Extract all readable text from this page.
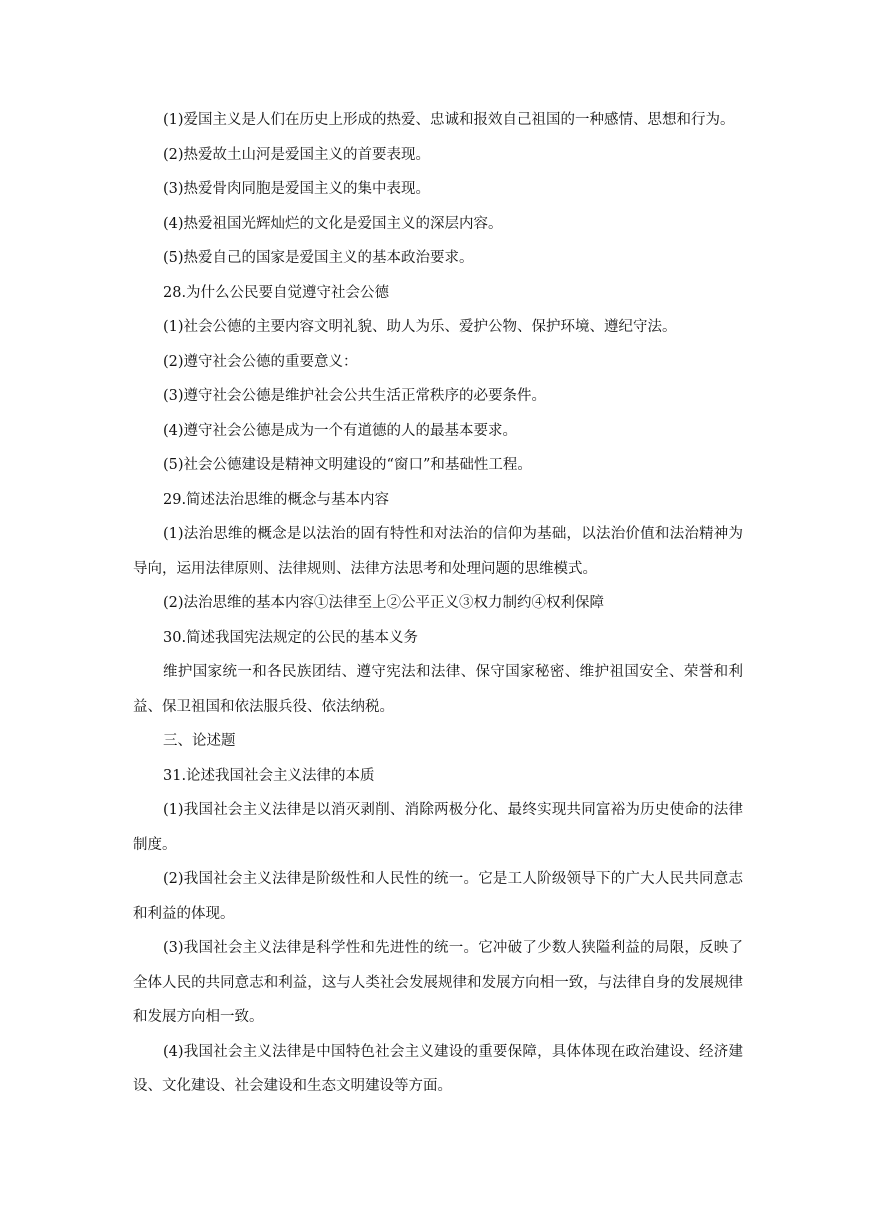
(1)爱国主义是人们在历史上形成的热爱、忠诚和报效自己祖国的一种感情、思想和行为。

(2)热爱故土山河是爱国主义的首要表现。

(3)热爱骨肉同胞是爱国主义的集中表现。

(4)热爱祖国光辉灿烂的文化是爱国主义的深层内容。

(5)热爱自己的国家是爱国主义的基本政治要求。

28.为什么公民要自觉遵守社会公德

(1)社会公德的主要内容文明礼貌、助人为乐、爱护公物、保护环境、遵纪守法。

(2)遵守社会公德的重要意义：

(3)遵守社会公德是维护社会公共生活正常秩序的必要条件。

(4)遵守社会公德是成为一个有道德的人的最基本要求。

(5)社会公德建设是精神文明建设的“窗口”和基础性工程。

29.简述法治思维的概念与基本内容

(1)法治思维的概念是以法治的固有特性和对法治的信仰为基础，以法治价值和法治精神为导向，运用法律原则、法律规则、法律方法思考和处理问题的思维模式。

(2)法治思维的基本内容①法律至上②公平正义③权力制约④权利保障

30.简述我国宪法规定的公民的基本义务

维护国家统一和各民族团结、遵守宪法和法律、保守国家秘密、维护祖国安全、荣誉和利益、保卫祖国和依法服兵役、依法纳税。

三、论述题

31.论述我国社会主义法律的本质

(1)我国社会主义法律是以消灭剥削、消除两极分化、最终实现共同富裕为历史使命的法律制度。

(2)我国社会主义法律是阶级性和人民性的统一。它是工人阶级领导下的广大人民共同意志和利益的体现。

(3)我国社会主义法律是科学性和先进性的统一。它冲破了少数人狭隘利益的局限，反映了全体人民的共同意志和利益，这与人类社会发展规律和发展方向相一致，与法律自身的发展规律和发展方向相一致。

(4)我国社会主义法律是中国特色社会主义建设的重要保障，具体体现在政治建设、经济建设、文化建设、社会建设和生态文明建设等方面。
